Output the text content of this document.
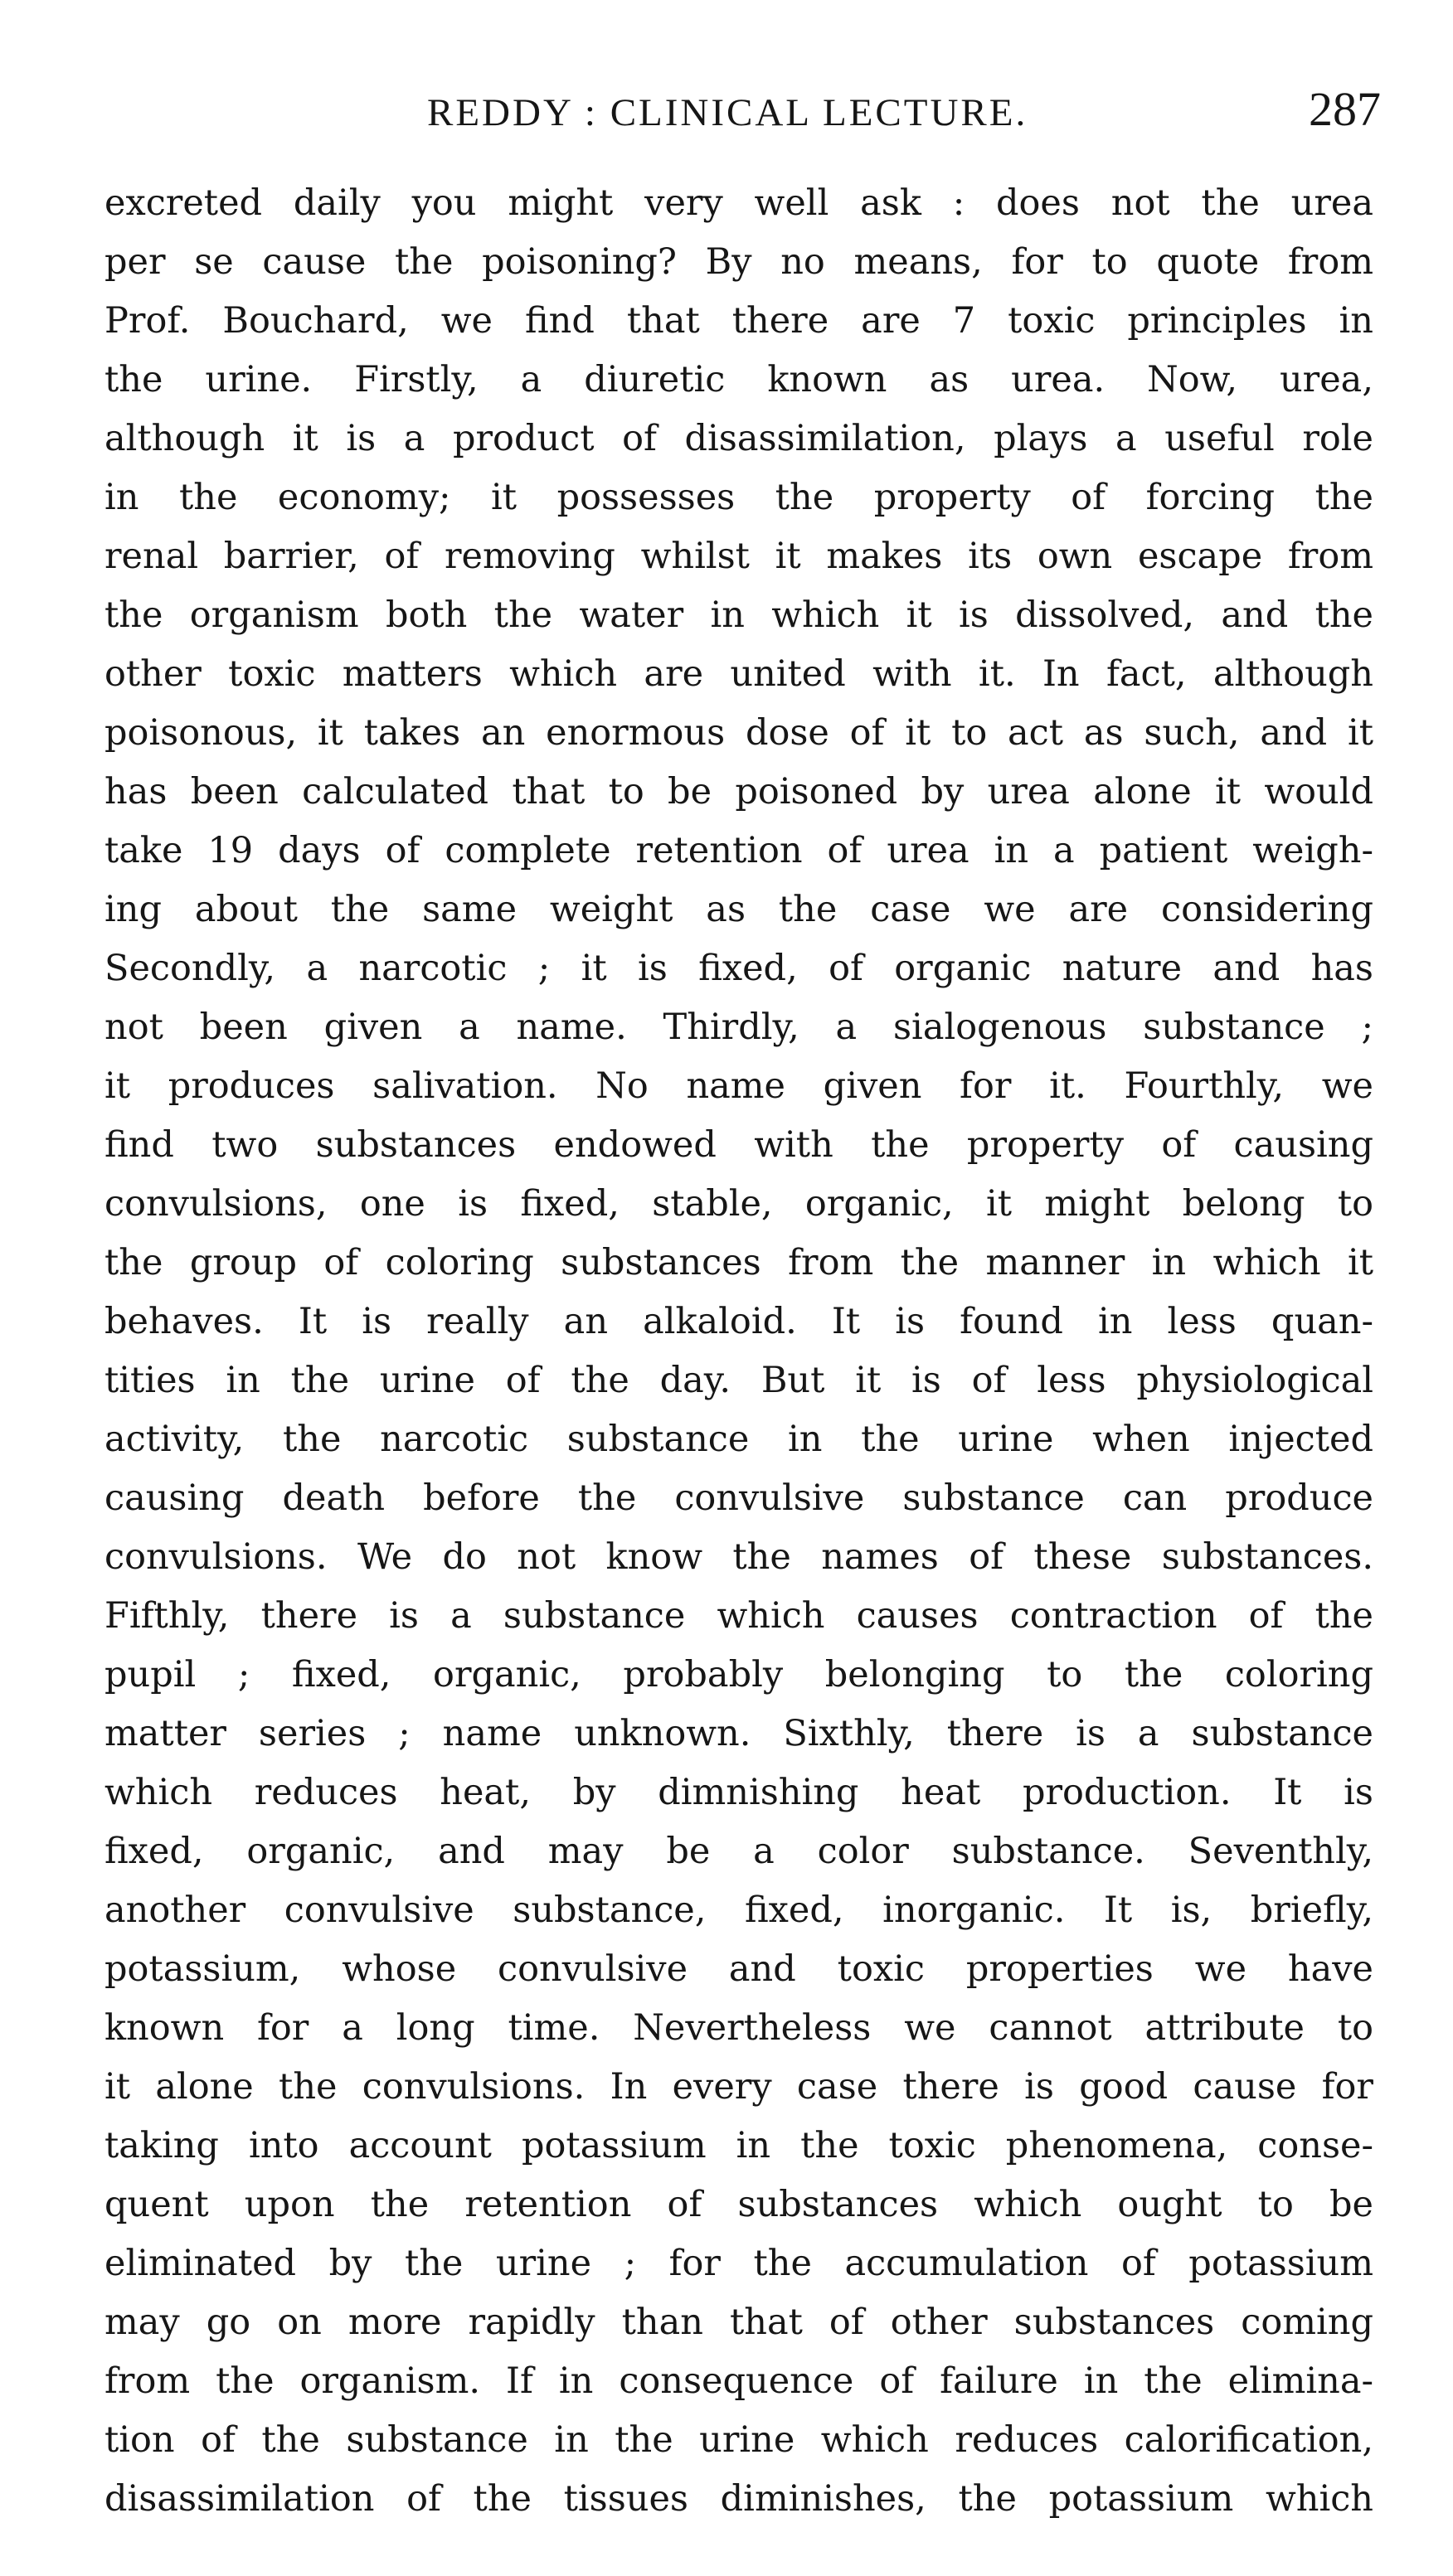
REDDY : CLINICAL LECTURE.	287
excreted daily you might very well ask : does not the urea
per se cause the poisoning? By no means, for to quote from
Prof. Bouchard, we find that there are 7 toxic principles in
the urine. Firstly, a diuretic known as urea. Now, urea,
although it is a product of disassimilation, plays a useful role
in the economy; it possesses the property of forcing the
renal barrier, of removing whilst it makes its own escape from
the organism both the water in which it is dissolved, and the
other toxic matters which are united with it. In fact, although
poisonous, it takes an enormous dose of it to act as such, and it
has been calculated that to be poisoned by urea alone it would
take 19 days of complete retention of urea in a patient weigh-
ing about the same weight as the case we are considering
Secondly, a narcotic ; it is fixed, of organic nature and has
not been given a name. Thirdly, a sialogenous substance ;
it produces salivation. No name given for it. Fourthly, we
find two substances endowed with the property of causing
convulsions, one is fixed, stable, organic, it might belong to
the group of coloring substances from the manner in which it
behaves. It is really an alkaloid. It is found in less quan-
tities in the urine of the day. But it is of less physiological
activity, the narcotic substance in the urine when injected
causing death before the convulsive substance can produce
convulsions. We do not know the names of these substances.
Fifthly, there is a substance which causes contraction of the
pupil ; fixed, organic, probably belonging to the coloring
matter series ; name unknown. Sixthly, there is a substance
which reduces heat, by dimnishing heat production. It is
fixed, organic, and may be a color substance. Seventhly,
another convulsive substance, fixed, inorganic. It is, briefly,
potassium, whose convulsive and toxic properties we have
known for a long time. Nevertheless we cannot attribute to
it alone the convulsions. In every case there is good cause for
taking into account potassium in the toxic phenomena, conse-
quent upon the retention of substances which ought to be
eliminated by the urine ; for the accumulation of potassium
may go on more rapidly than that of other substances coming
from the organism. If in consequence of failure in the elimina-
tion of the substance in the urine which reduces calorification,
disassimilation of the tissues diminishes, the potassium which
